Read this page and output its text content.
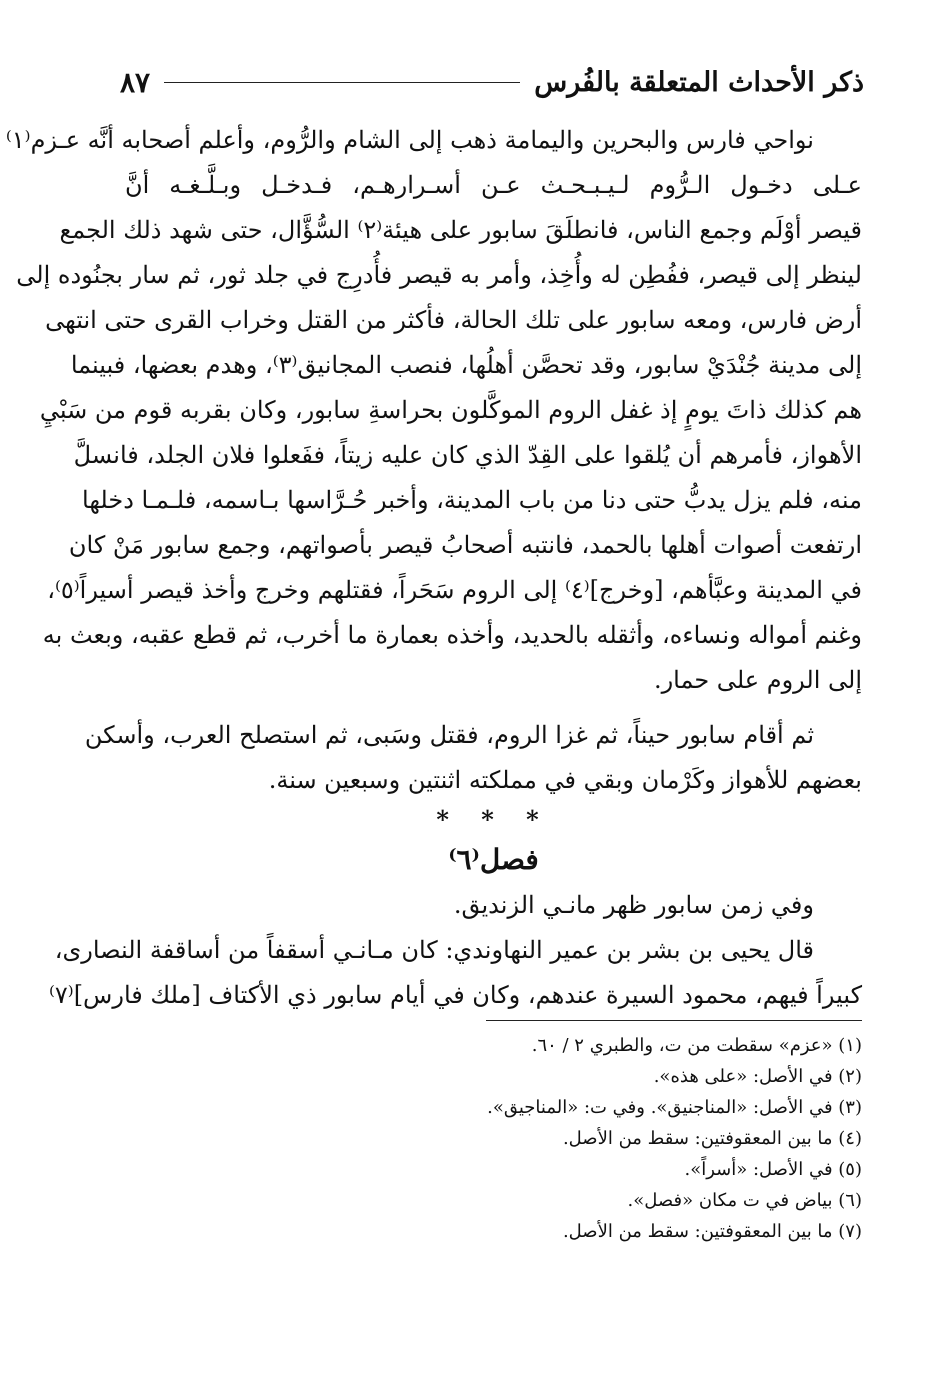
ذكر الأحداث المتعلقة بالفُرس
٨٧
نواحي فارس والبحرين واليمامة ذهب إلى الشام والرُّوم، وأعلم أصحابه أنَّه عـزم⁽١⁾
عـلى دخـول الـرُّوم لـيـبـحـث عـن أسـرارهـم، فـدخـل وبـلَّـغـه أنَّ
قيصر أوْلَم وجمع الناس، فانطلَقَ سابور على هيئة⁽٢⁾ السُّؤَّال، حتى شهد ذلك الجمع
لينظر إلى قيصر، ففُطِن له وأُخِذ، وأمر به قيصر فأُدرِج في جلد ثور، ثم سار بجنُوده إلى
أرض فارس، ومعه سابور على تلك الحالة، فأكثر من القتل وخراب القرى حتى انتهى
إلى مدينة جُنْدَيْ سابور، وقد تحصَّن أهلُها، فنصب المجانيق⁽٣⁾، وهدم بعضها، فبينما
هم كذلك ذاتَ يومٍ إذ غفل الروم الموكَّلون بحراسةِ سابور، وكان بقربه قوم من سَبْيِ
الأهواز، فأمرهم أن يُلقوا على القِدّ الذي كان عليه زيتاً، ففَعلوا فلان الجلد، فانسلَّ
منه، فلم يزل يدبُّ حتى دنا من باب المدينة، وأخبر حُـرَّاسها بـاسمه، فلـمـا دخلها
ارتفعت أصوات أهلها بالحمد، فانتبه أصحابُ قيصر بأصواتهم، وجمع سابور مَنْ كان
في المدينة وعبَّأهم، [وخرج]⁽٤⁾ إلى الروم سَحَراً، فقتلهم وخرج وأخذ قيصر أسيراً⁽٥⁾،
وغنم أمواله ونساءه، وأثقله بالحديد، وأخذه بعمارة ما أخرب، ثم قطع عقبه، وبعث به
إلى الروم على حمار.
ثم أقام سابور حيناً، ثم غزا الروم، فقتل وسَبى، ثم استصلح العرب، وأسكن
بعضهم للأهواز وكَرْمان وبقي في مملكته اثنتين وسبعين سنة.
* * *
فصل⁽٦⁾
وفي زمن سابور ظهر مانـي الزنديق.
قال يحيى بن بشر بن عمير النهاوندي: كان مـانـي أسقفاً من أساقفة النصارى،
كبيراً فيهم، محمود السيرة عندهم، وكان في أيام سابور ذي الأكتاف [ملك فارس]⁽٧⁾
(١) «عزم» سقطت من ت، والطبري ٢ / ٦٠.
(٢) في الأصل: «على هذه».
(٣) في الأصل: «المناجنيق». وفي ت: «المناجيق».
(٤) ما بين المعقوفتين: سقط من الأصل.
(٥) في الأصل: «أسراً».
(٦) بياض في ت مكان «فصل».
(٧) ما بين المعقوفتين: سقط من الأصل.
